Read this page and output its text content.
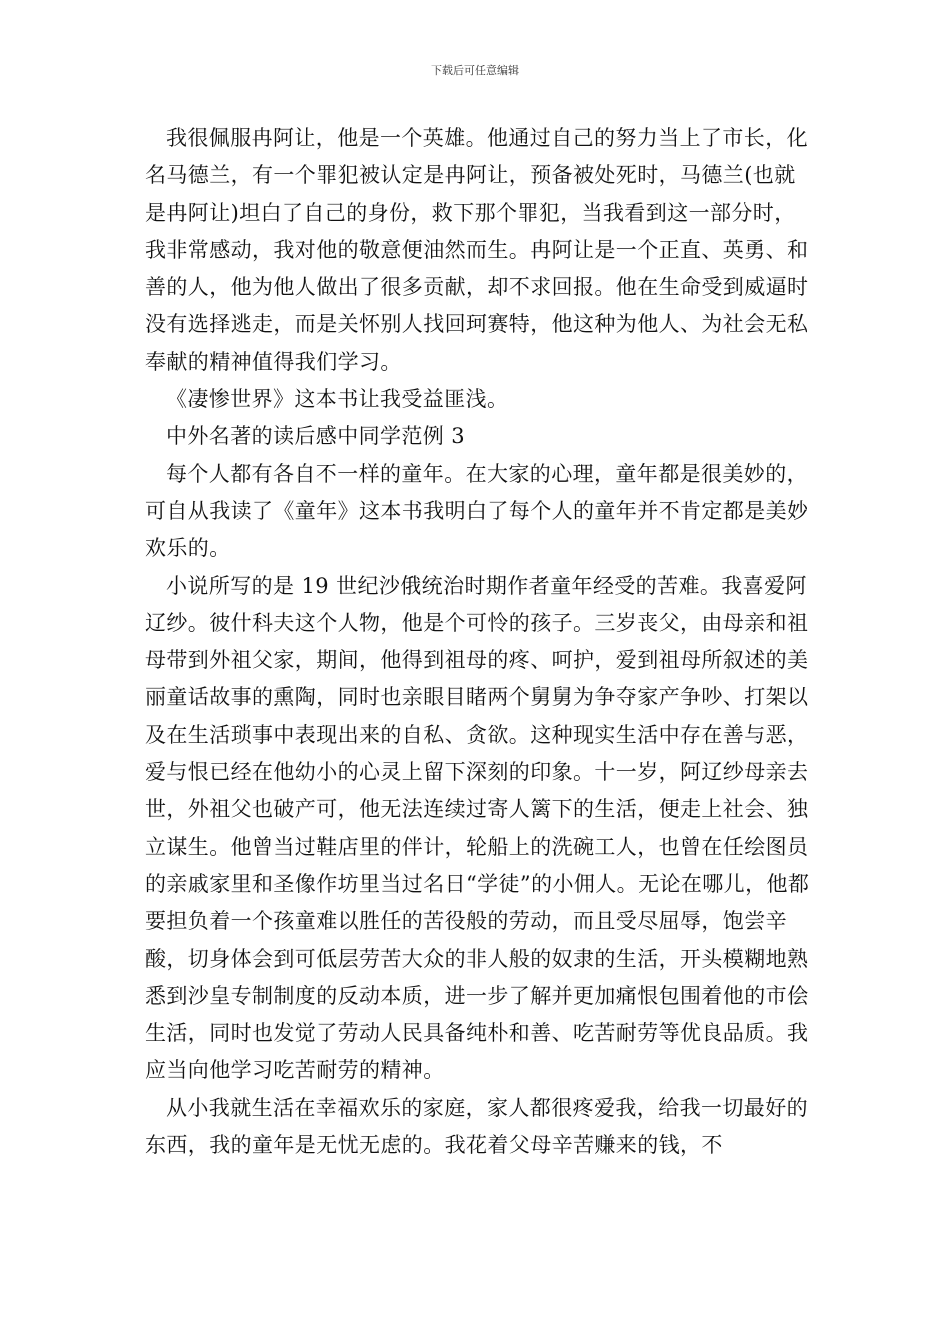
下载后可任意编辑

我很佩服冉阿让，他是一个英雄。他通过自己的努力当上了市长，化名马德兰，有一个罪犯被认定是冉阿让，预备被处死时，马德兰(也就是冉阿让)坦白了自己的身份，救下那个罪犯，当我看到这一部分时，我非常感动，我对他的敬意便油然而生。冉阿让是一个正直、英勇、和善的人，他为他人做出了很多贡献，却不求回报。他在生命受到威逼时没有选择逃走，而是关怀别人找回珂赛特，他这种为他人、为社会无私奉献的精神值得我们学习。

《凄惨世界》这本书让我受益匪浅。

中外名著的读后感中同学范例 3

每个人都有各自不一样的童年。在大家的心理，童年都是很美妙的，可自从我读了《童年》这本书我明白了每个人的童年并不肯定都是美妙欢乐的。

小说所写的是 19 世纪沙俄统治时期作者童年经受的苦难。我喜爱阿辽纱。彼什科夫这个人物，他是个可怜的孩子。三岁丧父，由母亲和祖母带到外祖父家，期间，他得到祖母的疼、呵护，爱到祖母所叙述的美丽童话故事的熏陶，同时也亲眼目睹两个舅舅为争夺家产争吵、打架以及在生活琐事中表现出来的自私、贪欲。这种现实生活中存在善与恶，爱与恨已经在他幼小的心灵上留下深刻的印象。十一岁，阿辽纱母亲去世，外祖父也破产可，他无法连续过寄人篱下的生活，便走上社会、独立谋生。他曾当过鞋店里的伴计，轮船上的洗碗工人，也曾在任绘图员的亲戚家里和圣像作坊里当过名日“学徒”的小佣人。无论在哪儿，他都要担负着一个孩童难以胜任的苦役般的劳动，而且受尽屈辱，饱尝辛酸，切身体会到可低层劳苦大众的非人般的奴隶的生活，开头模糊地熟悉到沙皇专制制度的反动本质，进一步了解并更加痛恨包围着他的市侩生活，同时也发觉了劳动人民具备纯朴和善、吃苦耐劳等优良品质。我应当向他学习吃苦耐劳的精神。

从小我就生活在幸福欢乐的家庭，家人都很疼爱我，给我一切最好的东西，我的童年是无忧无虑的。我花着父母辛苦赚来的钱，不
